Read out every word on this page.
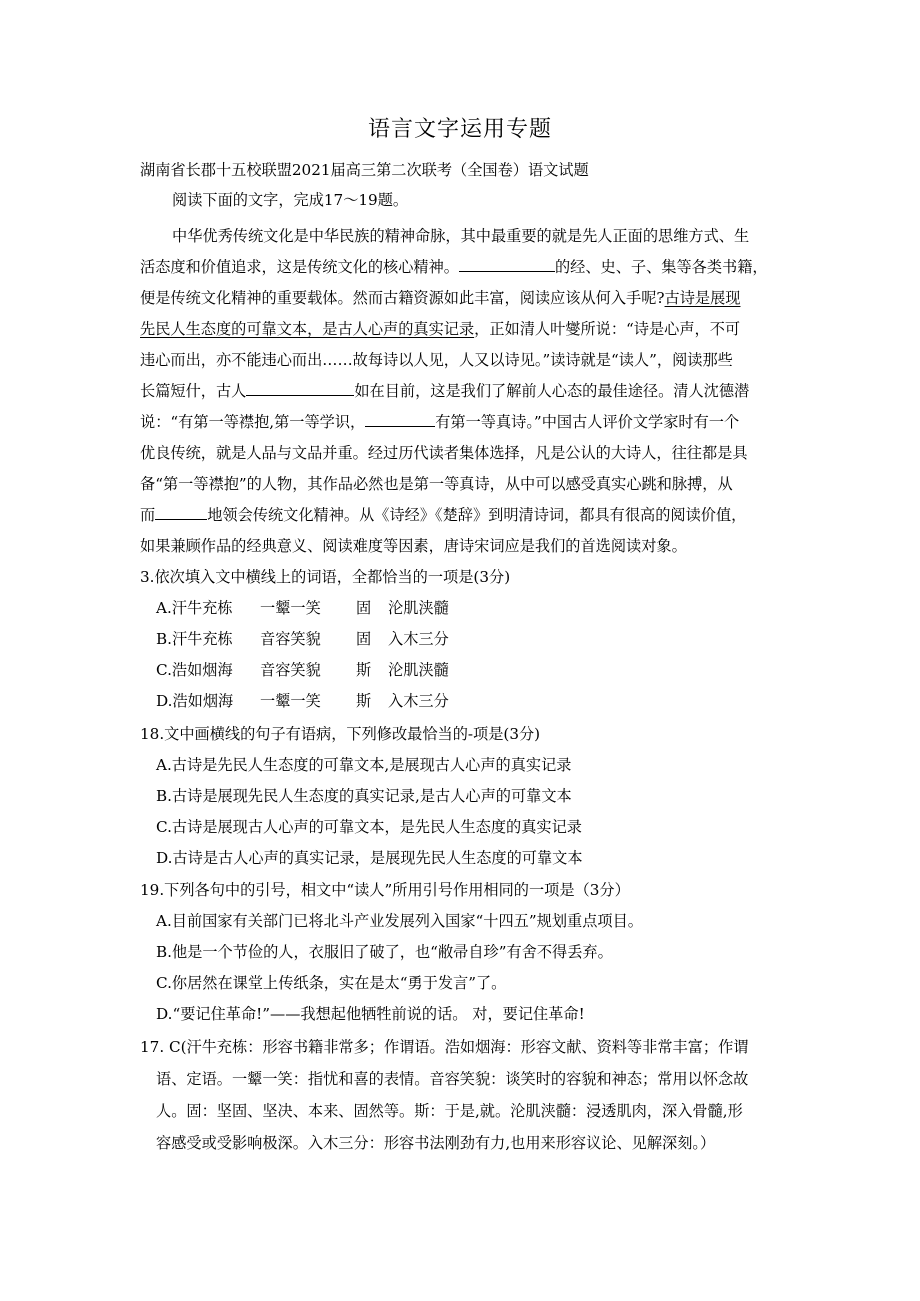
语言文字运用专题
湖南省长郡十五校联盟2021届高三第二次联考（全国卷）语文试题
阅读下面的文字，完成17～19题。
中华优秀传统文化是中华民族的精神命脉，其中最重要的就是先人正面的思维方式、生
活态度和价值追求，这是传统文化的核心精神。	的经、史、子、集等各类书籍，
便是传统文化精神的重要载体。然而古籍资源如此丰富，阅读应该从何入手呢?古诗是展现
先民人生态度的可靠文本，是古人心声的真实记录，正如清人叶燮所说：“诗是心声，不可
违心而出，亦不能违心而出……故每诗以人见，人又以诗见。”读诗就是“读人”，阅读那些
长篇短什，古人	如在目前，这是我们了解前人心态的最佳途径。清人沈德潜
说：“有第一等襟抱,第一等学识，	有第一等真诗。”中国古人评价文学家时有一个
优良传统，就是人品与文品并重。经过历代读者集体选择，凡是公认的大诗人，往往都是具
备“第一等襟抱”的人物，其作品必然也是第一等真诗，从中可以感受真实心跳和脉搏，从
而	地领会传统文化精神。从《诗经》《楚辞》到明清诗词，都具有很高的阅读价值，
如果兼顾作品的经典意义、阅读难度等因素，唐诗宋词应是我们的首选阅读对象。
3.依次填入文中横线上的词语，全都恰当的一项是(3分)
A.汗牛充栋 一颦一笑 固 沦肌浃髓
B.汗牛充栋 音容笑貌 固 入木三分
C.浩如烟海 音容笑貌 斯 沦肌浃髓
D.浩如烟海 一颦一笑 斯 入木三分
18.文中画横线的句子有语病，下列修改最恰当的-项是(3分)
A.古诗是先民人生态度的可靠文本,是展现古人心声的真实记录
B.古诗是展现先民人生态度的真实记录,是古人心声的可靠文本
C.古诗是展现古人心声的可靠文本，是先民人生态度的真实记录
D.古诗是古人心声的真实记录，是展现先民人生态度的可靠文本
19.下列各句中的引号，相文中“读人”所用引号作用相同的一项是（3分）
A.目前国家有关部门已将北斗产业发展列入国家“十四五”规划重点项目。
B.他是一个节俭的人，衣服旧了破了，也“敝帚自珍”有舍不得丢弃。
C.你居然在课堂上传纸条，实在是太“勇于发言”了。
D.“要记住革命!”——我想起他牺牲前说的话。 对，要记住革命!
17. C(汗牛充栋：形容书籍非常多；作谓语。浩如烟海：形容文献、资料等非常丰富；作谓
语、定语。一颦一笑：指忧和喜的表情。音容笑貌：谈笑时的容貌和神态；常用以怀念故
人。固：坚固、坚决、本来、固然等。斯：于是,就。沦肌浃髓：浸透肌肉，深入骨髓,形
容感受或受影响极深。入木三分：形容书法刚劲有力,也用来形容议论、见解深刻。）
